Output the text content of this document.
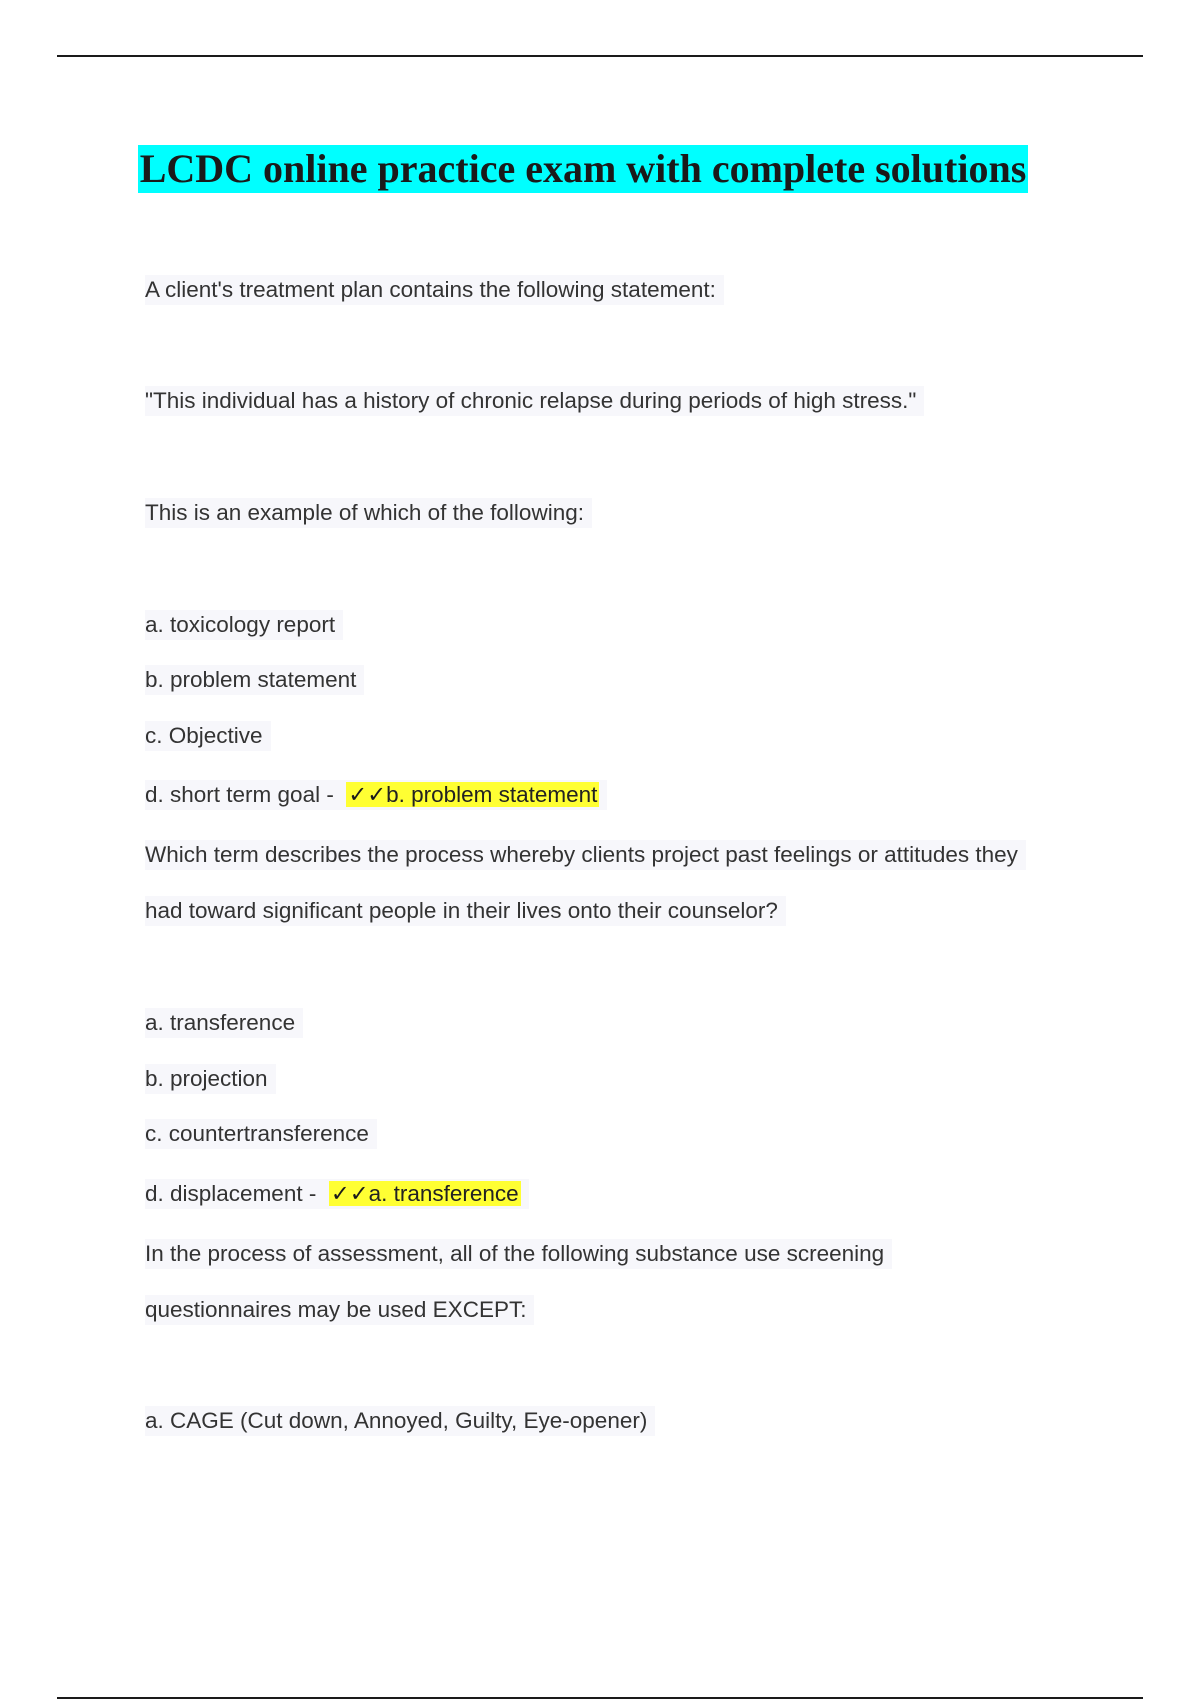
LCDC online practice exam with complete solutions
A client's treatment plan contains the following statement:
"This individual has a history of chronic relapse during periods of high stress."
This is an example of which of the following:
a. toxicology report
b. problem statement
c. Objective
d. short term goal -  ✓✓b. problem statement
Which term describes the process whereby clients project past feelings or attitudes they
had toward significant people in their lives onto their counselor?
a. transference
b. projection
c. countertransference
d. displacement -  ✓✓a. transference
In the process of assessment, all of the following substance use screening
questionnaires may be used EXCEPT:
a. CAGE (Cut down, Annoyed, Guilty, Eye-opener)
